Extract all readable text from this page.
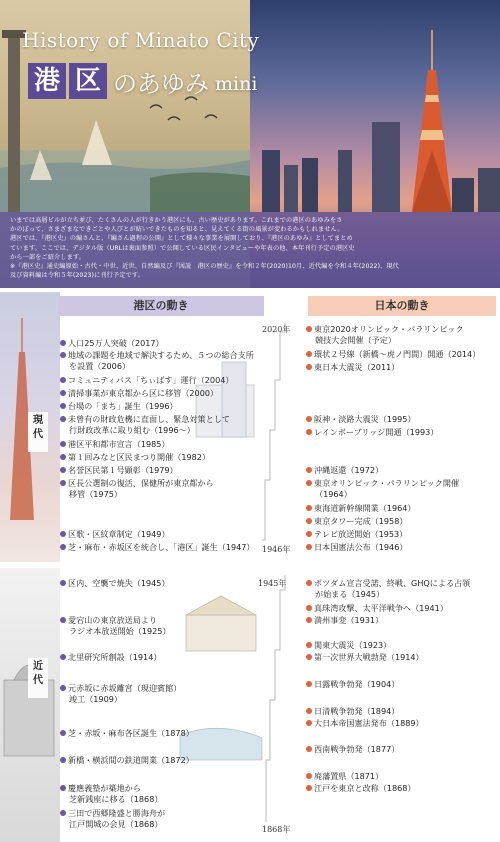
History of Minato City
港 区 のあゆみ mini

いまでは高層ビルが立ち並び、たくさんの人が行きかう港区にも、古い歴史があります。これまでの港区のあゆみをさ

かのぼって、さまざまなできごとや人びとが紡いできたものを知ると、見えてくる街の風景が変わるかもしれません。

港区では、『港区史』の編さんと、『編さん過程の公開』として様々な事業を展開しており、『港区のあゆみ』としてまとめ

ています。ここでは、デジタル版（URLは裏面参照）で公開している区民インタビューや年表の他、本年刊行予定の港区史

から一部をご紹介します。

※『港区史』通史編原始・古代・中世、近世、自然編及び『図説　港区の歴史』を令和２年(2020)10月、近代編を令和４年(2022)、現代

及び資料編は令和５年(2023)に刊行予定です。

港区の動き	日本の動き
現代
近代
2020年
1946年
1945年
1868年
人口25万人突破（2017）
地域の課題を地域で解決するため、５つの総合支所
を設置（2006）
コミュニティバス「ちぃばす」運行（2004）
清掃事業が東京都から区に移管（2000）
台場の「まち」誕生（1996）
未曾有の財政危機に直面し、緊急対策として
行財政改革に取り組む（1996～）
港区平和都市宣言（1985）
第１回みなと区民まつり開催（1982）
名誉区民第１号顕彰（1979）
区長公選制の復活、保健所が東京都から
移管（1975）
区歌・区紋章制定（1949）
芝・麻布・赤坂区を統合し、「港区」誕生（1947）
区内、空襲で焼失（1945）
愛宕山の東京放送局より
ラジオ本放送開始（1925）
北里研究所創設（1914）
元赤坂に赤坂離宮（現迎賓館）
竣工（1909）
芝・赤坂・麻布各区誕生（1878）
新橋・横浜間の鉄道開業（1872）
慶應義塾が築地から
芝新銭座に移る（1868）
三田で西郷隆盛と勝海舟が
江戸開城の会見（1868）
東京2020オリンピック・パラリンピック
競技大会開催（予定）
環状２号線（新橋～虎ノ門間）開通（2014）
東日本大震災（2011）
阪神・淡路大震災（1995）
レインボーブリッジ開通（1993）
沖縄返還（1972）
東京オリンピック・パラリンピック開催
（1964）
東海道新幹線開業（1964）
東京タワー完成（1958）
テレビ放送開始（1953）
日本国憲法公布（1946）
ポツダム宣言受諾、終戦、GHQによる占領
が始まる（1945）
真珠湾攻撃、太平洋戦争へ（1941）
満州事変（1931）
関東大震災（1923）
第一次世界大戦勃発（1914）
日露戦争勃発（1904）
日清戦争勃発（1894）
大日本帝国憲法発布（1889）
西南戦争勃発（1877）
廃藩置県（1871）
江戸を東京と改称（1868）
